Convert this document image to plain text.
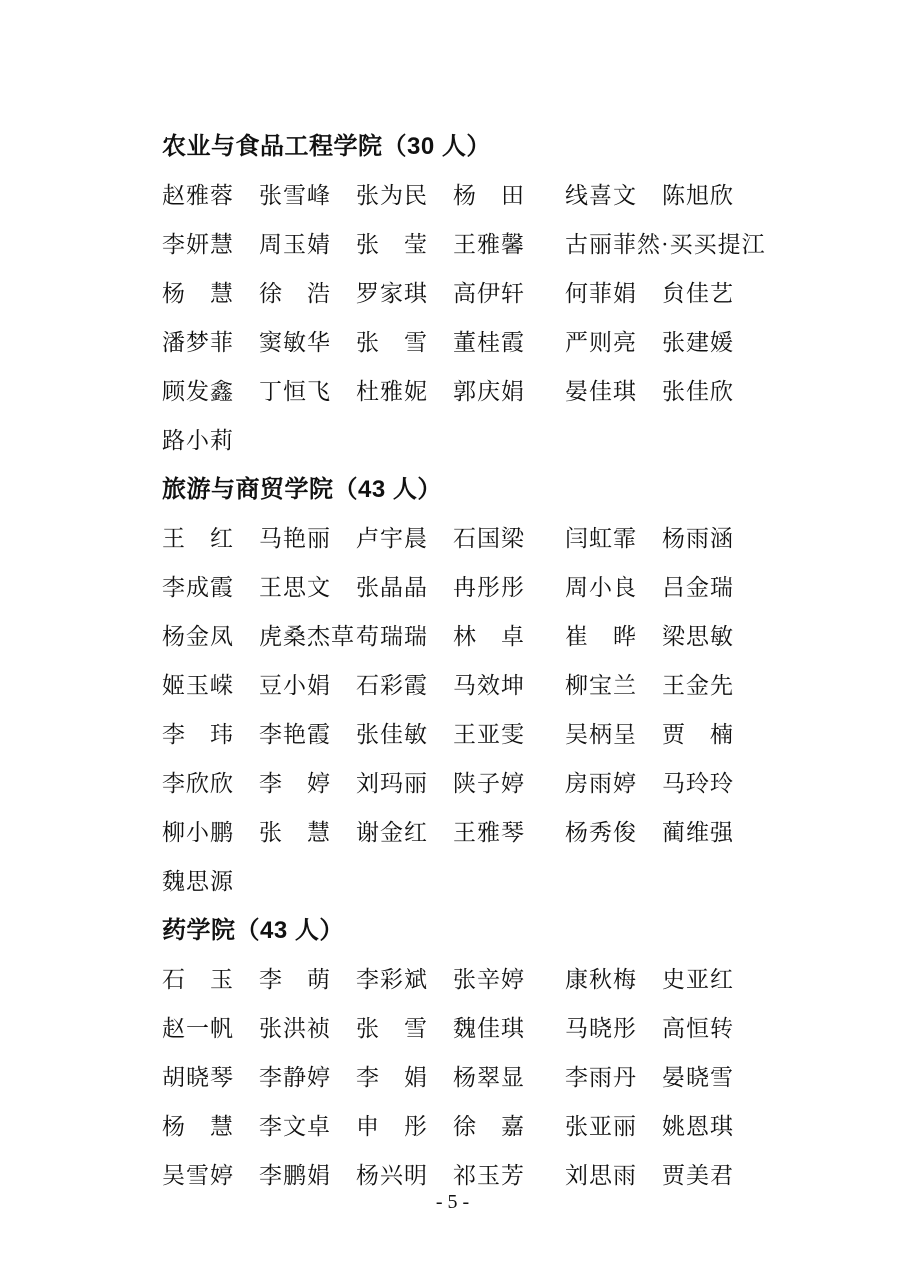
农业与食品工程学院（30 人）
赵雅蓉 张雪峰 张为民 杨　田 线喜文 陈旭欣
李妍慧 周玉婧 张　莹 王雅馨 古丽菲然·买买提江
杨　慧 徐　浩 罗家琪 高伊轩 何菲娟 贠佳艺
潘梦菲 窦敏华 张　雪 董桂霞 严则亮 张建媛
顾发鑫 丁恒飞 杜雅妮 郭庆娟 晏佳琪 张佳欣
路小莉
旅游与商贸学院（43 人）
王　红 马艳丽 卢宇晨 石国梁 闫虹霏 杨雨涵
李成霞 王思文 张晶晶 冉彤彤 周小良 吕金瑞
杨金凤 虎桑杰草 苟瑞瑞 林　卓 崔　晔 梁思敏
姬玉嵘 豆小娟 石彩霞 马效坤 柳宝兰 王金先
李　玮 李艳霞 张佳敏 王亚雯 吴柄呈 贾　楠
李欣欣 李　婷 刘玛丽 陕子婷 房雨婷 马玲玲
柳小鹏 张　慧 谢金红 王雅琴 杨秀俊 蔺维强
魏思源
药学院（43 人）
石　玉 李　萌 李彩斌 张辛婷 康秋梅 史亚红
赵一帆 张洪祯 张　雪 魏佳琪 马晓彤 高恒转
胡晓琴 李静婷 李　娟 杨翠显 李雨丹 晏晓雪
杨　慧 李文卓 申　彤 徐　嘉 张亚丽 姚恩琪
吴雪婷 李鹏娟 杨兴明 祁玉芳 刘思雨 贾美君
- 5 -
